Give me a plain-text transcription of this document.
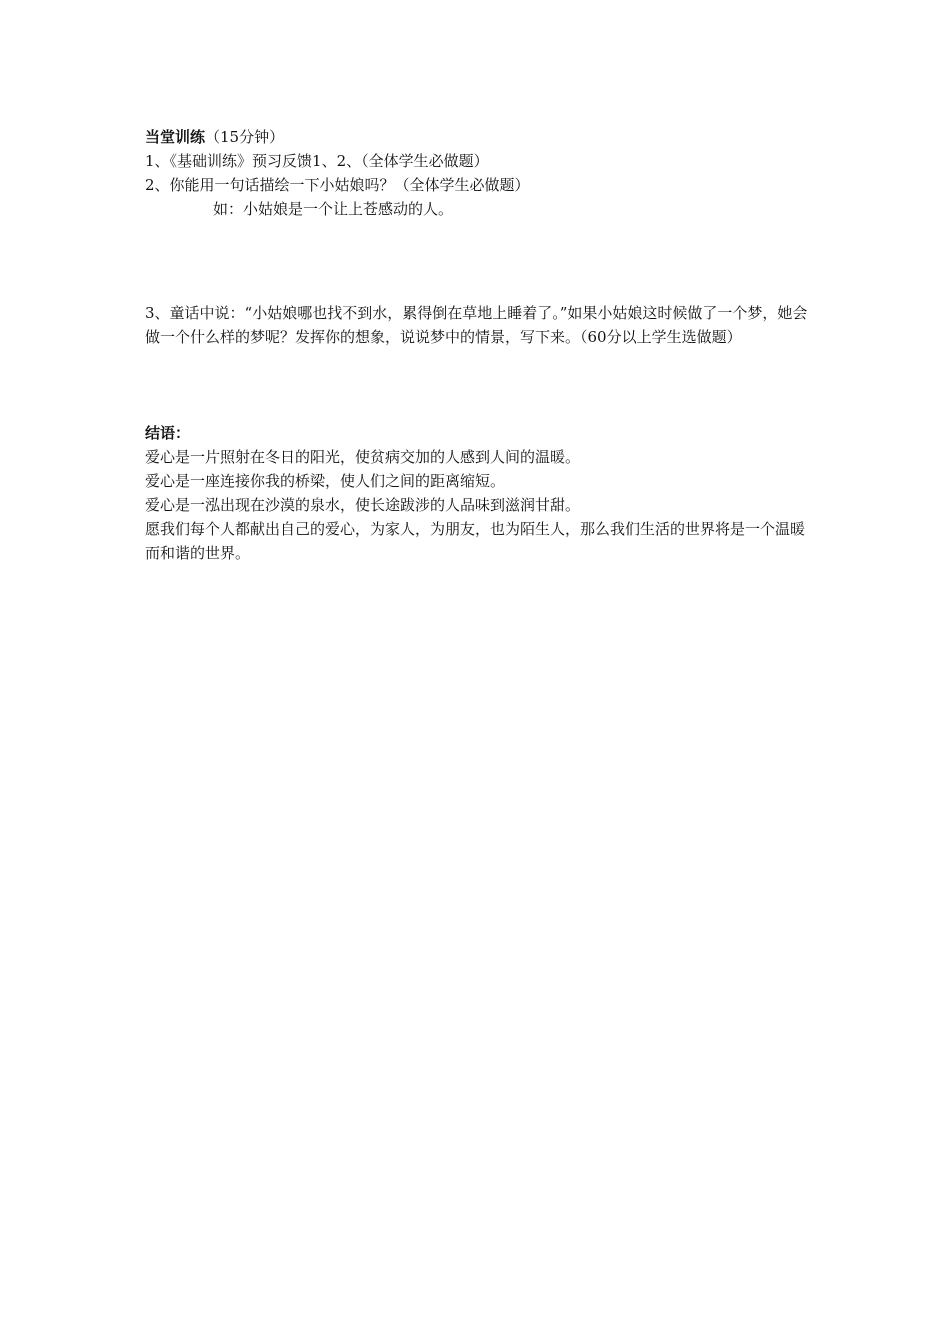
当堂训练（15分钟）

1、《基础训练》预习反馈1、2、（全体学生必做题）

2、你能用一句话描绘一下小姑娘吗？（全体学生必做题）

如：小姑娘是一个让上苍感动的人。

3、童话中说：“小姑娘哪也找不到水，累得倒在草地上睡着了。”如果小姑娘这时候做了一个梦，她会做一个什么样的梦呢？发挥你的想象，说说梦中的情景，写下来。（60分以上学生选做题）

结语：

爱心是一片照射在冬日的阳光，使贫病交加的人感到人间的温暖。

爱心是一座连接你我的桥梁，使人们之间的距离缩短。

爱心是一泓出现在沙漠的泉水，使长途跋涉的人品味到滋润甘甜。

愿我们每个人都献出自己的爱心，为家人，为朋友，也为陌生人，那么我们生活的世界将是一个温暖而和谐的世界。
